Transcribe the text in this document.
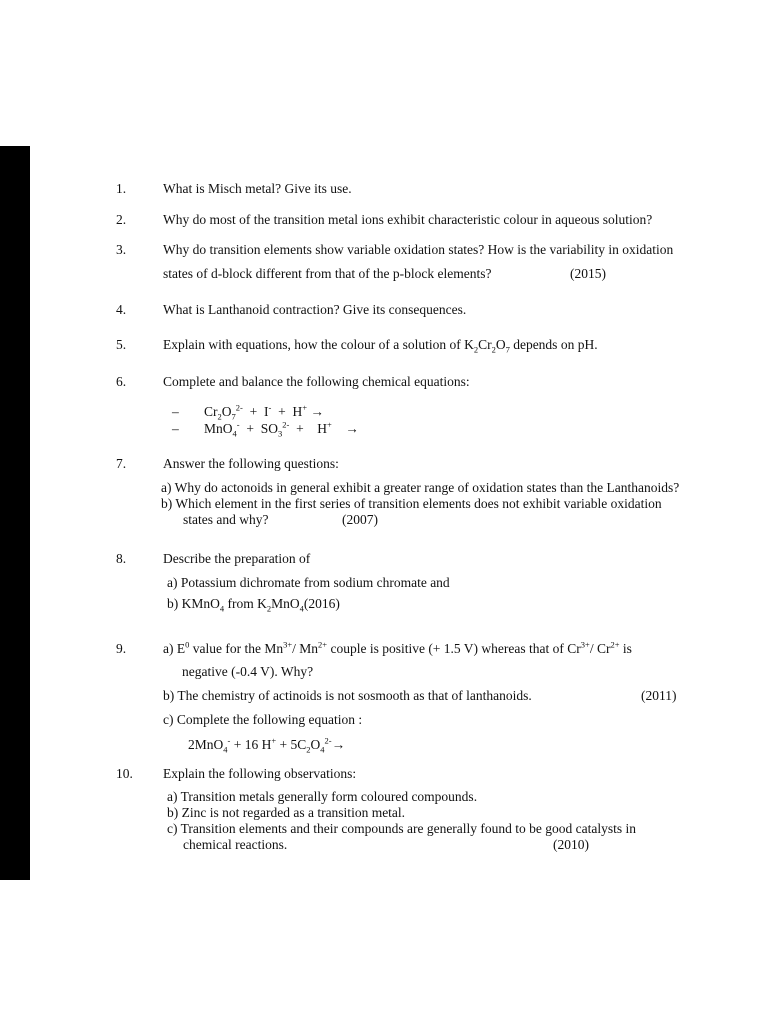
1.	What is Misch metal? Give its use.
2.	Why do most of the transition metal ions exhibit characteristic colour in aqueous solution?
3.	Why do transition elements show variable oxidation states? How is the variability in oxidation
states of d-block different from that of the p-block elements?	(2015)
4.	What is Lanthanoid contraction? Give its consequences.
5.	Explain with equations, how the colour of a solution of $K_2Cr_2O_7$ depends on pH.
6.	Complete and balance the following chemical equations:
– $Cr_2O_7^{2-} + I^- + H^+$ →
– $MnO_4^- + SO_3^{2-} + H^+$ →
7.	Answer the following questions:
a) Why do actonoids in general exhibit a greater range of oxidation states than the Lanthanoids?
b) Which element in the first series of transition elements does not exhibit variable oxidation
states and why?	(2007)
8.	Describe the preparation of
a) Potassium dichromate from sodium chromate and
b) KMnO$_4$ from $K_2MnO_4(2016)$
9.	a) $E^0$ value for the $Mn^{3+}/$ $Mn^{2+}$ couple is positive (+ 1.5 V) whereas that of $Cr^{3+}/$ $Cr^{2+}$ is
negative (-0.4 V). Why?
b) The chemistry of actinoids is not sosmooth as that of lanthanoids.	(2011)
c) Complete the following equation :
2MnO$_4$- + 16 $H^+ + 5C_2O_4^{2-}\to$
10. Explain the following observations:
a) Transition metals generally form coloured compounds.
b) Zinc is not regarded as a transition metal.
c) Transition elements and their compounds are generally found to be good catalysts in
chemical reactions.	(2010)
